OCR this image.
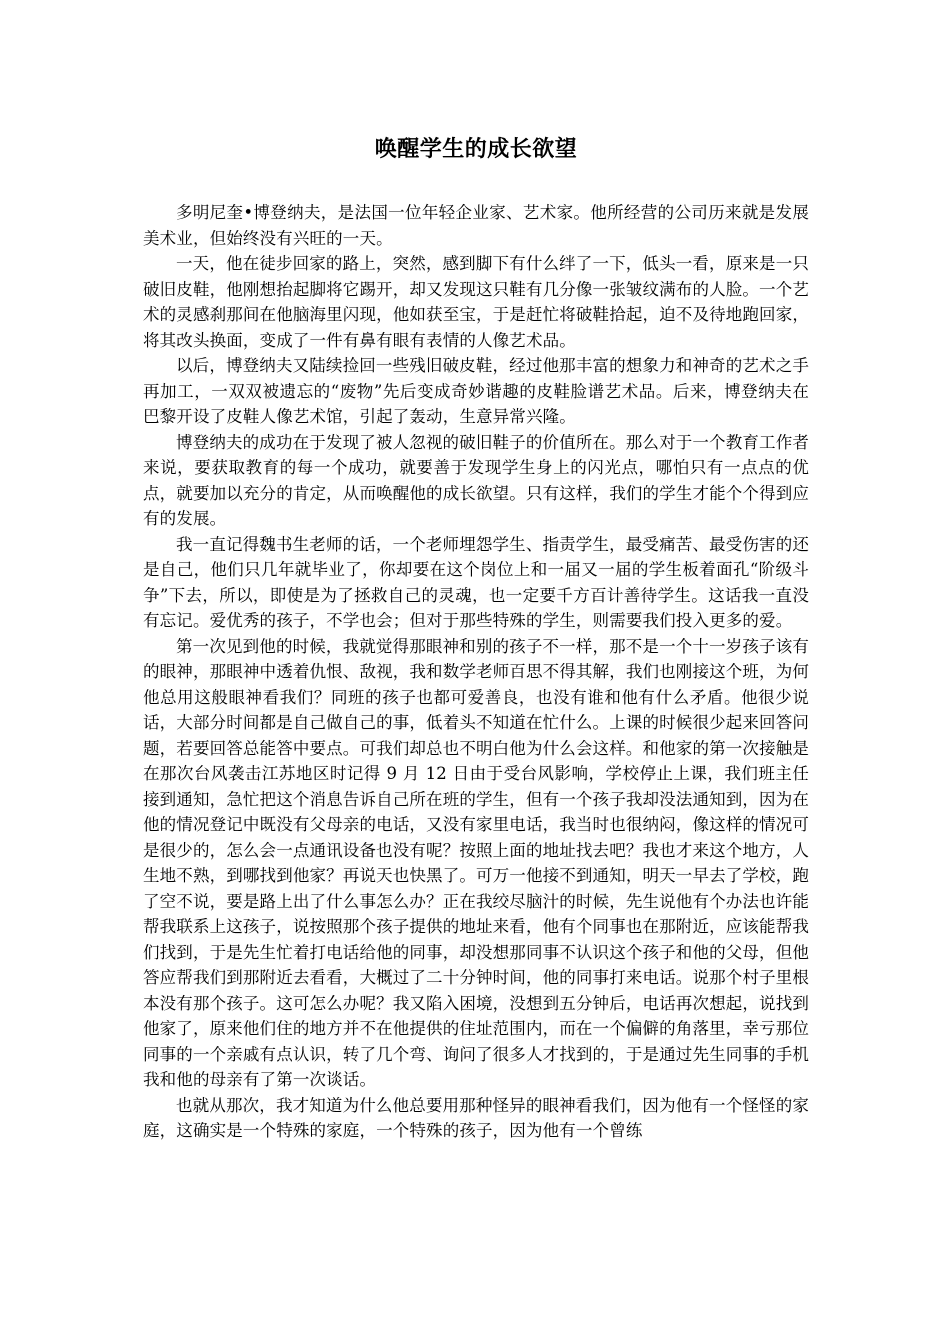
唤醒学生的成长欲望

多明尼奎•博登纳夫，是法国一位年轻企业家、艺术家。他所经营的公司历来就是发展美术业，但始终没有兴旺的一天。

一天，他在徒步回家的路上，突然，感到脚下有什么绊了一下，低头一看，原来是一只破旧皮鞋，他刚想抬起脚将它踢开，却又发现这只鞋有几分像一张皱纹满布的人脸。一个艺术的灵感刹那间在他脑海里闪现，他如获至宝，于是赶忙将破鞋拾起，迫不及待地跑回家，将其改头换面，变成了一件有鼻有眼有表情的人像艺术品。

以后，博登纳夫又陆续捡回一些残旧破皮鞋，经过他那丰富的想象力和神奇的艺术之手再加工，一双双被遗忘的“废物”先后变成奇妙谐趣的皮鞋脸谱艺术品。后来，博登纳夫在巴黎开设了皮鞋人像艺术馆，引起了轰动，生意异常兴隆。

博登纳夫的成功在于发现了被人忽视的破旧鞋子的价值所在。那么对于一个教育工作者来说，要获取教育的每一个成功，就要善于发现学生身上的闪光点，哪怕只有一点点的优点，就要加以充分的肯定，从而唤醒他的成长欲望。只有这样，我们的学生才能个个得到应有的发展。

我一直记得魏书生老师的话，一个老师埋怨学生、指责学生，最受痛苦、最受伤害的还是自己，他们只几年就毕业了，你却要在这个岗位上和一届又一届的学生板着面孔“阶级斗争”下去，所以，即使是为了拯救自己的灵魂，也一定要千方百计善待学生。这话我一直没有忘记。爱优秀的孩子，不学也会；但对于那些特殊的学生，则需要我们投入更多的爱。

第一次见到他的时候，我就觉得那眼神和别的孩子不一样，那不是一个十一岁孩子该有的眼神，那眼神中透着仇恨、敌视，我和数学老师百思不得其解，我们也刚接这个班，为何他总用这般眼神看我们？同班的孩子也都可爱善良，也没有谁和他有什么矛盾。他很少说话，大部分时间都是自己做自己的事，低着头不知道在忙什么。上课的时候很少起来回答问题，若要回答总能答中要点。可我们却总也不明白他为什么会这样。和他家的第一次接触是在那次台风袭击江苏地区时记得 9 月 12 日由于受台风影响，学校停止上课，我们班主任接到通知，急忙把这个消息告诉自己所在班的学生，但有一个孩子我却没法通知到，因为在他的情况登记中既没有父母亲的电话，又没有家里电话，我当时也很纳闷，像这样的情况可是很少的，怎么会一点通讯设备也没有呢？按照上面的地址找去吧？我也才来这个地方，人生地不熟，到哪找到他家？再说天也快黑了。可万一他接不到通知，明天一早去了学校，跑了空不说，要是路上出了什么事怎么办？正在我绞尽脑汁的时候，先生说他有个办法也许能帮我联系上这孩子，说按照那个孩子提供的地址来看，他有个同事也在那附近，应该能帮我们找到，于是先生忙着打电话给他的同事，却没想那同事不认识这个孩子和他的父母，但他答应帮我们到那附近去看看，大概过了二十分钟时间，他的同事打来电话。说那个村子里根本没有那个孩子。这可怎么办呢？我又陷入困境，没想到五分钟后，电话再次想起，说找到他家了，原来他们住的地方并不在他提供的住址范围内，而在一个偏僻的角落里，幸亏那位同事的一个亲戚有点认识，转了几个弯、询问了很多人才找到的，于是通过先生同事的手机我和他的母亲有了第一次谈话。

也就从那次，我才知道为什么他总要用那种怪异的眼神看我们，因为他有一个怪怪的家庭，这确实是一个特殊的家庭，一个特殊的孩子，因为他有一个曾练
